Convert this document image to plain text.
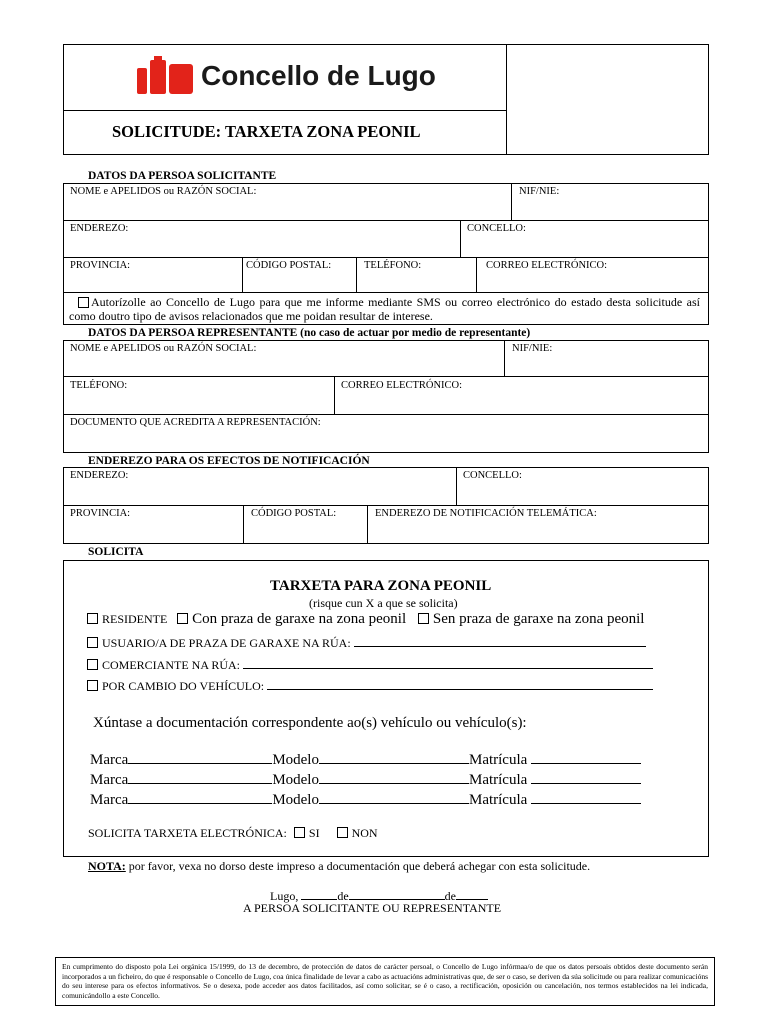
Concello de Lugo
SOLICITUDE: TARXETA ZONA PEONIL
DATOS DA PERSOA SOLICITANTE
NOME e APELIDOS ou RAZÓN SOCIAL:	NIF/NIE:
ENDEREZO:	CONCELLO:
PROVINCIA:	CÓDIGO POSTAL:	TELÉFONO:	CORREO ELECTRÓNICO:
Autorízolle ao Concello de Lugo para que me informe mediante SMS ou correo electrónico do estado desta solicitude así como doutro tipo de avisos relacionados que me poidan resultar de interese.
DATOS DA PERSOA REPRESENTANTE (no caso de actuar por medio de representante)
NOME e APELIDOS ou RAZÓN SOCIAL:	NIF/NIE:
TELÉFONO:	CORREO ELECTRÓNICO:
DOCUMENTO QUE ACREDITA A REPRESENTACIÓN:
ENDEREZO PARA OS EFECTOS DE NOTIFICACIÓN
ENDEREZO:	CONCELLO:
PROVINCIA:	CÓDIGO POSTAL:	ENDEREZO DE NOTIFICACIÓN TELEMÁTICA:
SOLICITA
TARXETA PARA ZONA PEONIL
(risque cun X a que se solicita)
RESIDENTE Con praza de garaxe na zona peonil Sen praza de garaxe na zona peonil
USUARIO/A DE PRAZA DE GARAXE NA RÚA:
COMERCIANTE NA RÚA:
POR CAMBIO DO VEHÍCULO:
Xúntase a documentación correspondente ao(s) vehículo ou vehículo(s):
Marca	Modelo	Matrícula
Marca	Modelo	Matrícula
Marca	Modelo	Matrícula
SOLICITA TARXETA ELECTRÓNICA: SI	NON
NOTA: por favor, vexa no dorso deste impreso a documentación que deberá achegar con esta solicitude.
Lugo,	de	de
A PERSOA SOLICITANTE OU REPRESENTANTE
En cumprimento do disposto pola Lei orgánica 15/1999, do 13 de decembro, de protección de datos de carácter persoal, o Concello de Lugo infórmaa/o de que os datos persoais obtidos deste documento serán incorporados a un ficheiro, do que é responsable o Concello de Lugo, coa única finalidade de levar a cabo as actuacións administrativas que, de ser o caso, se deriven da súa solicitude ou para realizar comunicacións do seu interese para os efectos informativos. Se o desexa, pode acceder aos datos facilitados, así como solicitar, se é o caso, a rectificación, oposición ou cancelación, nos termos establecidos na lei indicada, comunicándollo a este Concello.
